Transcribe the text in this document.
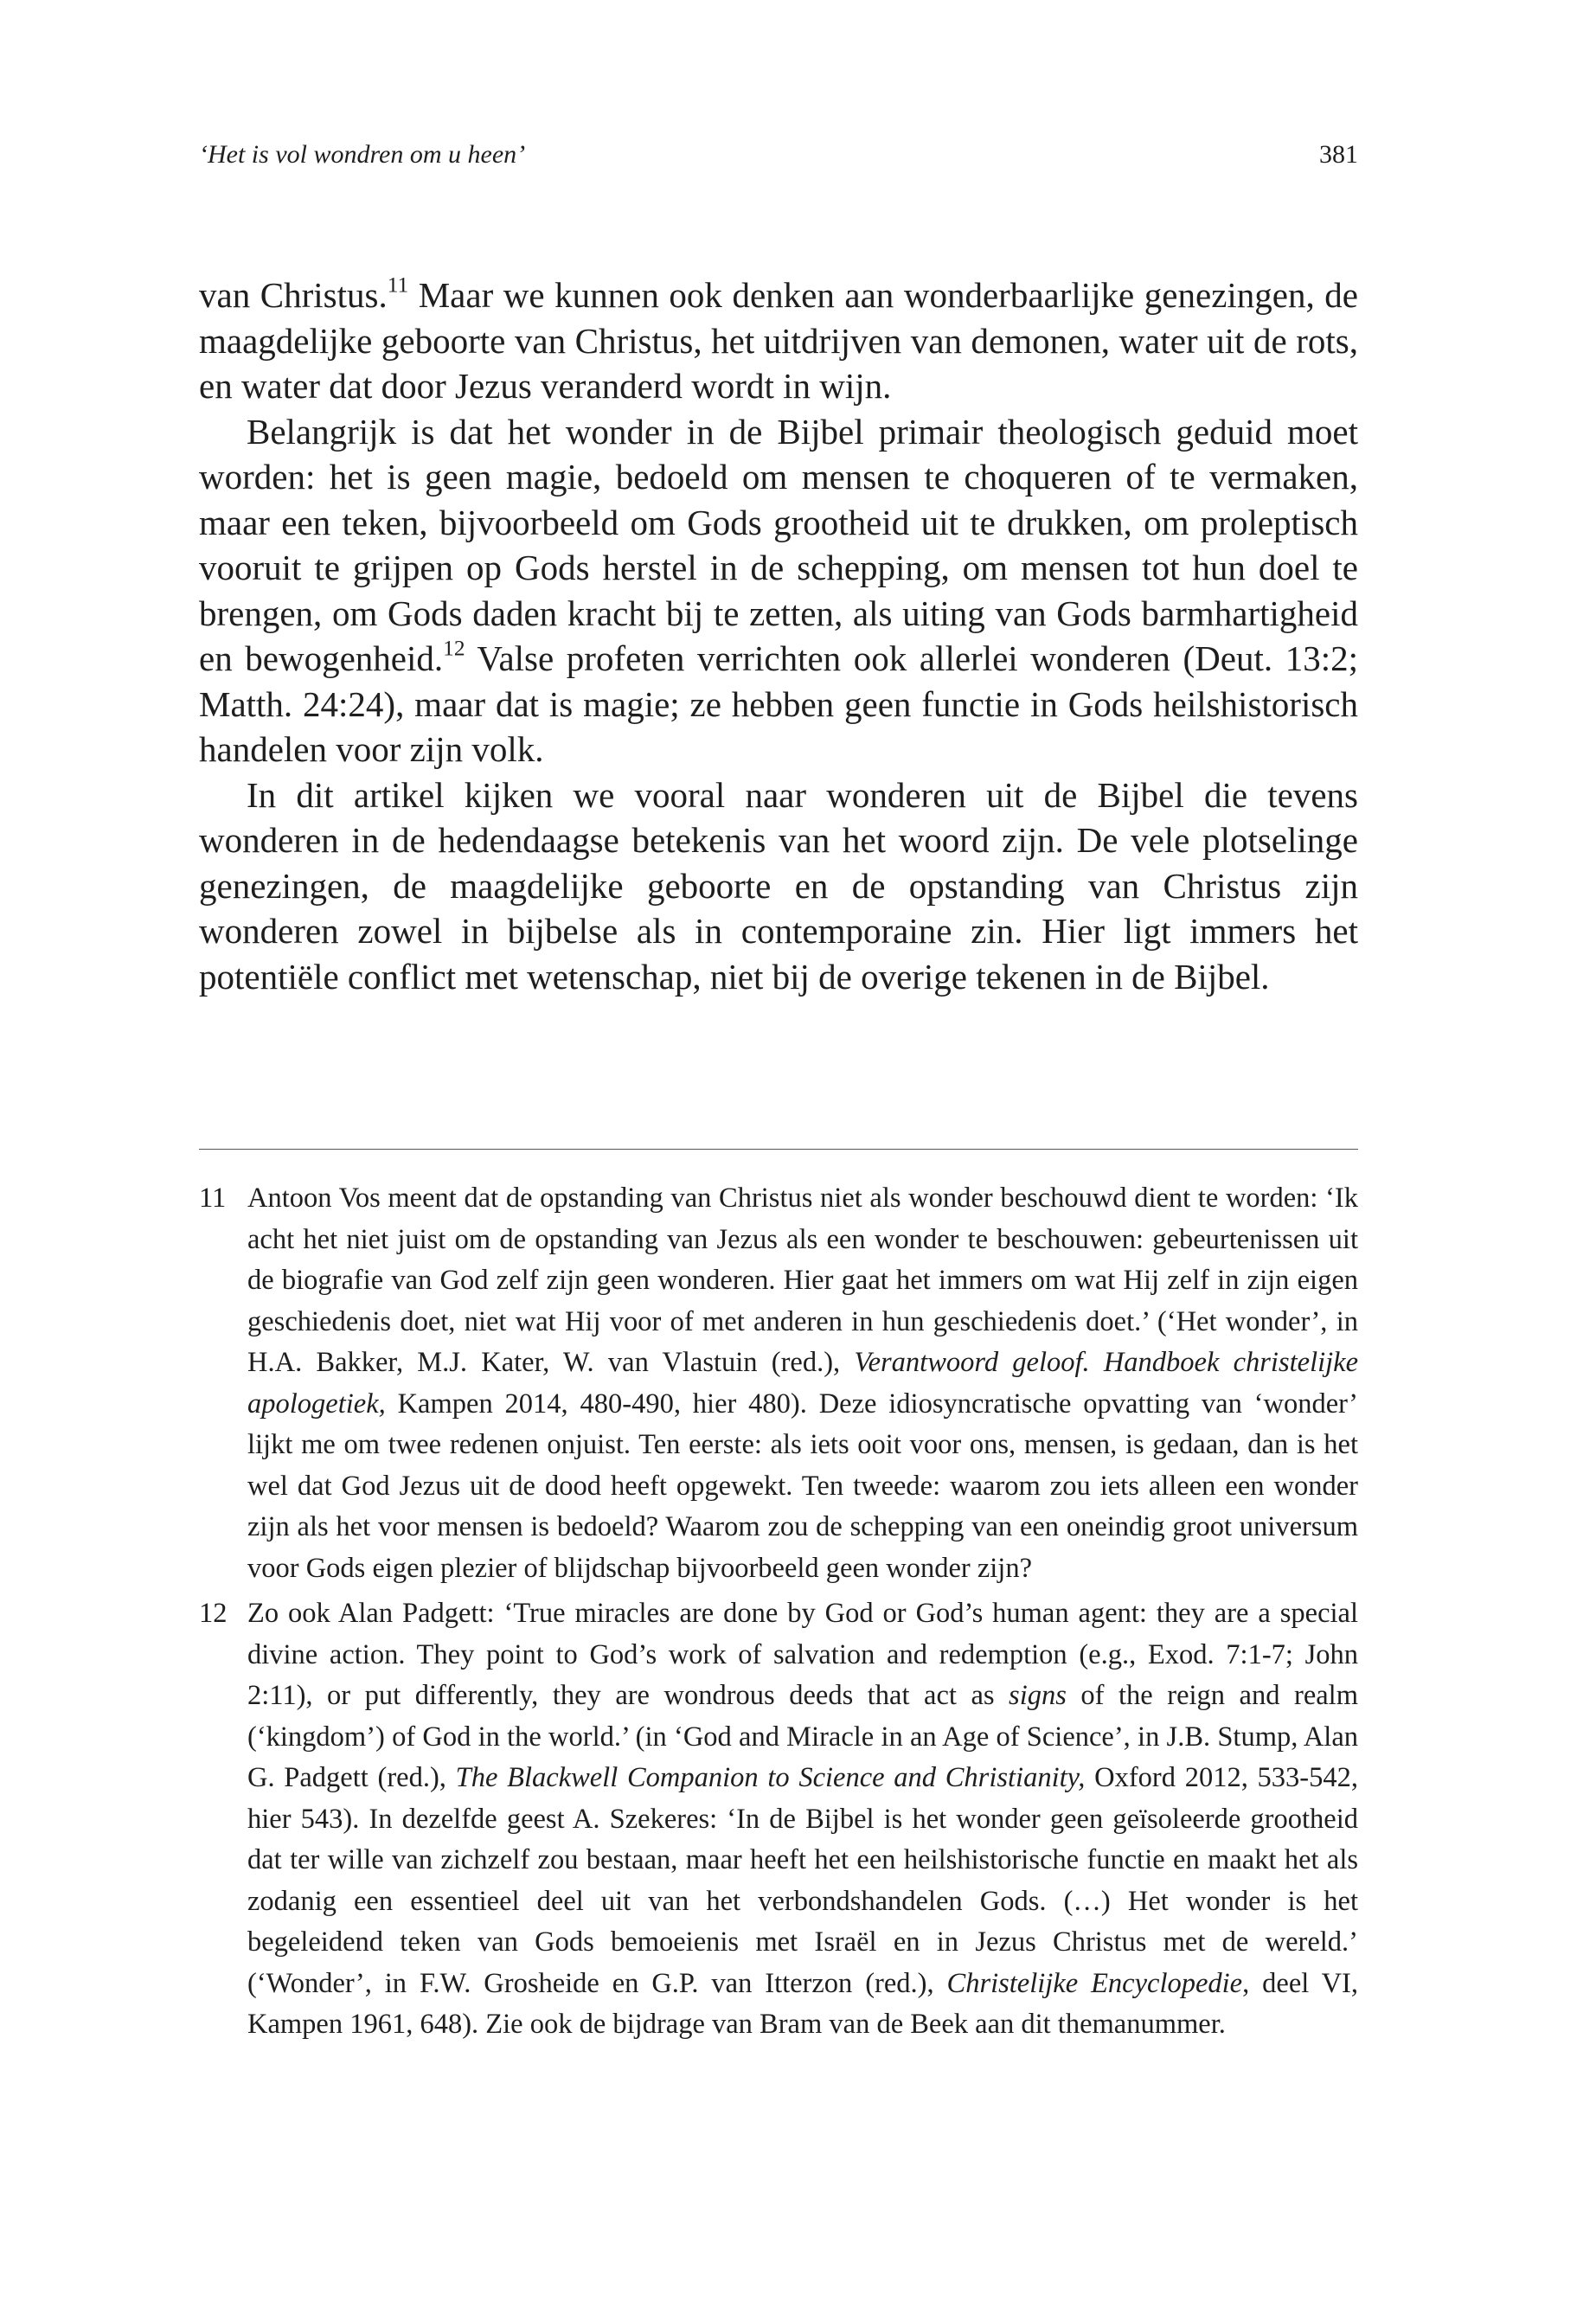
‘Het is vol wondren om u heen’	381

van Christus.$^{11}$ Maar we kunnen ook denken aan wonderbaarlijke genezingen, de maagdelijke geboorte van Christus, het uitdrijven van demonen, water uit de rots, en water dat door Jezus veranderd wordt in wijn.

Belangrijk is dat het wonder in de Bijbel primair theologisch geduid moet worden: het is geen magie, bedoeld om mensen te choqueren of te vermaken, maar een teken, bijvoorbeeld om Gods grootheid uit te drukken, om proleptisch vooruit te grijpen op Gods herstel in de schepping, om mensen tot hun doel te brengen, om Gods daden kracht bij te zetten, als uiting van Gods barmhartigheid en bewogenheid.$^{12}$ Valse profeten verrichten ook allerlei wonderen (Deut. 13:2; Matth. 24:24), maar dat is magie; ze hebben geen functie in Gods heilshistorisch handelen voor zijn volk.

In dit artikel kijken we vooral naar wonderen uit de Bijbel die tevens wonderen in de hedendaagse betekenis van het woord zijn. De vele plotselinge genezingen, de maagdelijke geboorte en de opstanding van Christus zijn wonderen zowel in bijbelse als in contemporaine zin. Hier ligt immers het potentiële conflict met wetenschap, niet bij de overige tekenen in de Bijbel.

11 Antoon Vos meent dat de opstanding van Christus niet als wonder beschouwd dient te worden: ‘Ik acht het niet juist om de opstanding van Jezus als een wonder te beschouwen: gebeurtenissen uit de biografie van God zelf zijn geen wonderen. Hier gaat het immers om wat Hij zelf in zijn eigen geschiedenis doet, niet wat Hij voor of met anderen in hun geschiedenis doet.’ (‘Het wonder’, in H.A. Bakker, M.J. Kater, W. van Vlastuin (red.), Verantwoord geloof. Handboek christelijke apologetiek, Kampen 2014, 480-490, hier 480). Deze idiosyncratische opvatting van ‘wonder’ lijkt me om twee redenen onjuist. Ten eerste: als iets ooit voor ons, mensen, is gedaan, dan is het wel dat God Jezus uit de dood heeft opgewekt. Ten tweede: waarom zou iets alleen een wonder zijn als het voor mensen is bedoeld? Waarom zou de schepping van een oneindig groot universum voor Gods eigen plezier of blijdschap bijvoorbeeld geen wonder zijn?
12 Zo ook Alan Padgett: ‘True miracles are done by God or God’s human agent: they are a special divine action. They point to God’s work of salvation and redemption (e.g., Exod. 7:1-7; John 2:11), or put differently, they are wondrous deeds that act as signs of the reign and realm (‘kingdom’) of God in the world.’ (in ‘God and Miracle in an Age of Science’, in J.B. Stump, Alan G. Padgett (red.), The Blackwell Companion to Science and Christianity, Oxford 2012, 533-542, hier 543). In dezelfde geest A. Szekeres: ‘In de Bijbel is het wonder geen geïsoleerde grootheid dat ter wille van zichzelf zou bestaan, maar heeft het een heilshistorische functie en maakt het als zodanig een essentieel deel uit van het verbondshandelen Gods. (…) Het wonder is het begeleidend teken van Gods bemoeienis met Israël en in Jezus Christus met de wereld.’ (‘Wonder’, in F.W. Grosheide en G.P. van Itterzon (red.), Christelijke Encyclopedie, deel VI, Kampen 1961, 648). Zie ook de bijdrage van Bram van de Beek aan dit themanummer.
